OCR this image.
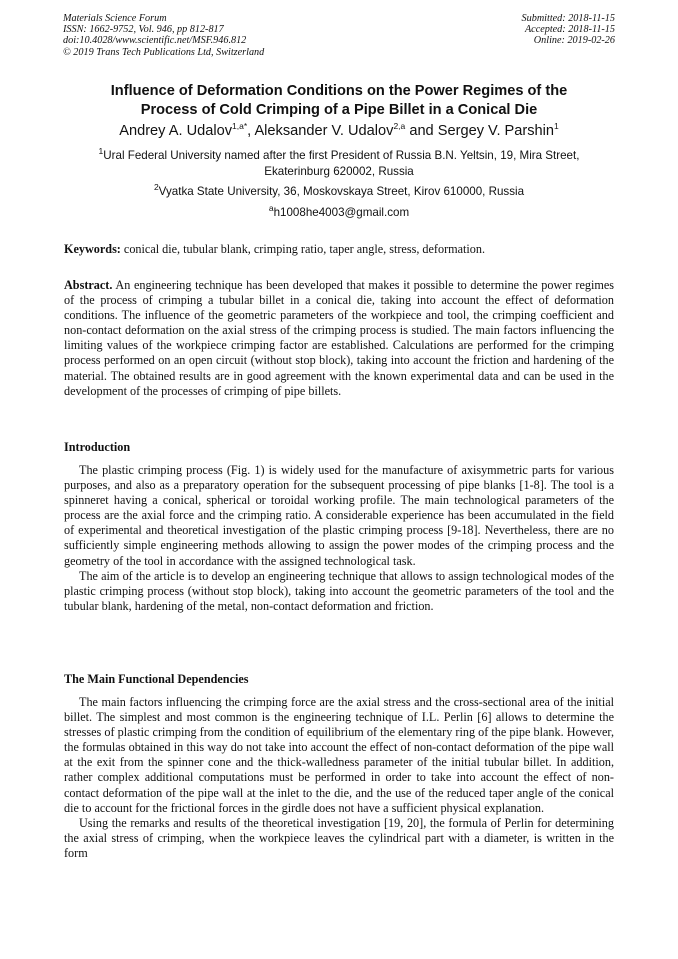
Materials Science Forum
ISSN: 1662-9752, Vol. 946, pp 812-817
doi:10.4028/www.scientific.net/MSF.946.812
© 2019 Trans Tech Publications Ltd, Switzerland
Submitted: 2018-11-15
Accepted: 2018-11-15
Online: 2019-02-26
Influence of Deformation Conditions on the Power Regimes of the
Process of Cold Crimping of a Pipe Billet in a Conical Die
Andrey A. Udalov$^{1,a*}$, Aleksander V. Udalov$^{2,a}$ and Sergey V. Parshin$^1$
$^1$Ural Federal University named after the first President of Russia B.N. Yeltsin, 19, Mira Street,
Ekaterinburg 620002, Russia
$^2$Vyatka State University, 36, Moskovskaya Street, Kirov 610000, Russia
$^a$h1008he4003@gmail.com

Keywords: conical die, tubular blank, crimping ratio, taper angle, stress, deformation.

Abstract. An engineering technique has been developed that makes it possible to determine the power regimes of the process of crimping a tubular billet in a conical die, taking into account the effect of deformation conditions. The influence of the geometric parameters of the workpiece and tool, the crimping coefficient and non-contact deformation on the axial stress of the crimping process is studied. The main factors influencing the limiting values of the workpiece crimping factor are established. Calculations are performed for the crimping process performed on an open circuit (without stop block), taking into account the friction and hardening of the material. The obtained results are in good agreement with the known experimental data and can be used in the development of the processes of crimping of pipe billets.

Introduction

The plastic crimping process (Fig. 1) is widely used for the manufacture of axisymmetric parts for various purposes, and also as a preparatory operation for the subsequent processing of pipe blanks [1-8]. The tool is a spinneret having a conical, spherical or toroidal working profile. The main technological parameters of the process are the axial force and the crimping ratio. A considerable experience has been accumulated in the field of experimental and theoretical investigation of the plastic crimping process [9-18]. Nevertheless, there are no sufficiently simple engineering methods allowing to assign the power modes of the crimping process and the geometry of the tool in accordance with the assigned technological task.

The aim of the article is to develop an engineering technique that allows to assign technological modes of the plastic crimping process (without stop block), taking into account the geometric parameters of the tool and the tubular blank, hardening of the metal, non-contact deformation and friction.

The Main Functional Dependencies

The main factors influencing the crimping force are the axial stress and the cross-sectional area of the initial billet. The simplest and most common is the engineering technique of I.L. Perlin [6] allows to determine the stresses of plastic crimping from the condition of equilibrium of the elementary ring of the pipe blank. However, the formulas obtained in this way do not take into account the effect of non-contact deformation of the pipe wall at the exit from the spinner cone and the thick-walledness parameter of the initial tubular billet. In addition, rather complex additional computations must be performed in order to take into account the effect of non-contact deformation of the pipe wall at the inlet to the die, and the use of the reduced taper angle of the conical die to account for the frictional forces in the girdle does not have a sufficient physical explanation.

Using the remarks and results of the theoretical investigation [19, 20], the formula of Perlin for determining the axial stress of crimping, when the workpiece leaves the cylindrical part with a diameter, is written in the form
